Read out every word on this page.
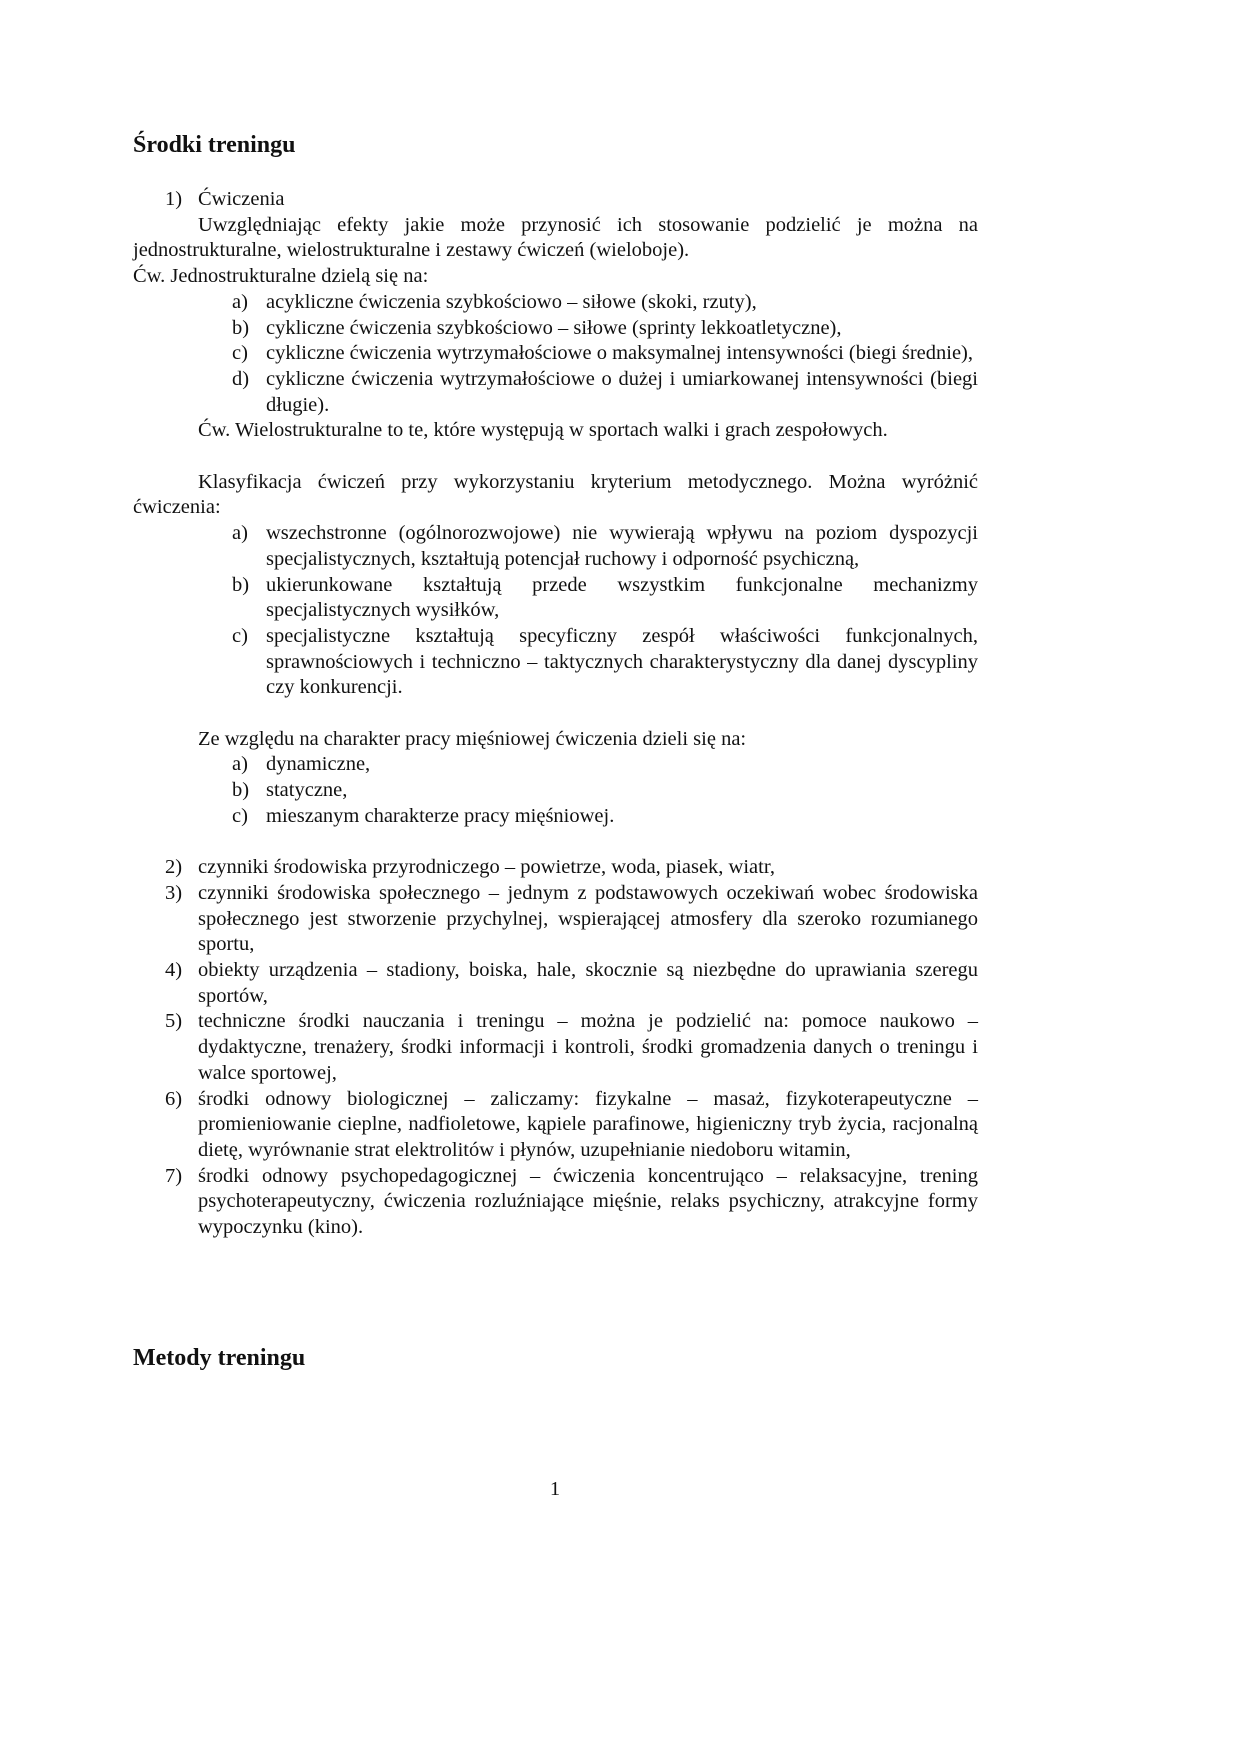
Środki treningu
1) Ćwiczenia

Uwzględniając efekty jakie może przynosić ich stosowanie podzielić je można na jednostrukturalne, wielostrukturalne i zestawy ćwiczeń (wieloboje).

Ćw. Jednostrukturalne dzielą się na:

a) acykliczne ćwiczenia szybkościowo – siłowe (skoki, rzuty),
b) cykliczne ćwiczenia szybkościowo – siłowe (sprinty lekkoatletyczne),
c) cykliczne ćwiczenia wytrzymałościowe o maksymalnej intensywności (biegi średnie),
d) cykliczne ćwiczenia wytrzymałościowe o dużej i umiarkowanej intensywności (biegi długie).

Ćw. Wielostrukturalne to te, które występują w sportach walki i grach zespołowych.

Klasyfikacja ćwiczeń przy wykorzystaniu kryterium metodycznego. Można wyróżnić ćwiczenia:

a) wszechstronne (ogólnorozwojowe) nie wywierają wpływu na poziom dyspozycji specjalistycznych, kształtują potencjał ruchowy i odporność psychiczną,
b) ukierunkowane kształtują przede wszystkim funkcjonalne mechanizmy specjalistycznych wysiłków,
c) specjalistyczne kształtują specyficzny zespół właściwości funkcjonalnych, sprawnościowych i techniczno – taktycznych charakterystyczny dla danej dyscypliny czy konkurencji.

Ze względu na charakter pracy mięśniowej ćwiczenia dzieli się na:

a) dynamiczne,
b) statyczne,
c) mieszanym charakterze pracy mięśniowej.
2) czynniki środowiska przyrodniczego – powietrze, woda, piasek, wiatr,
3) czynniki środowiska społecznego – jednym z podstawowych oczekiwań wobec środowiska społecznego jest stworzenie przychylnej, wspierającej atmosfery dla szeroko rozumianego sportu,
4) obiekty urządzenia – stadiony, boiska, hale, skocznie są niezbędne do uprawiania szeregu sportów,
5) techniczne środki nauczania i treningu – można je podzielić na: pomoce naukowo – dydaktyczne, trenażery, środki informacji i kontroli, środki gromadzenia danych o treningu i walce sportowej,
6) środki odnowy biologicznej – zaliczamy: fizykalne – masaż, fizykoterapeutyczne – promieniowanie cieplne, nadfioletowe, kąpiele parafinowe, higieniczny tryb życia, racjonalną dietę, wyrównanie strat elektrolitów i płynów, uzupełnianie niedoboru witamin,
7) środki odnowy psychopedagogicznej – ćwiczenia koncentrująco – relaksacyjne, trening psychoterapeutyczny, ćwiczenia rozluźniające mięśnie, relaks psychiczny, atrakcyjne formy wypoczynku (kino).
Metody treningu
1
